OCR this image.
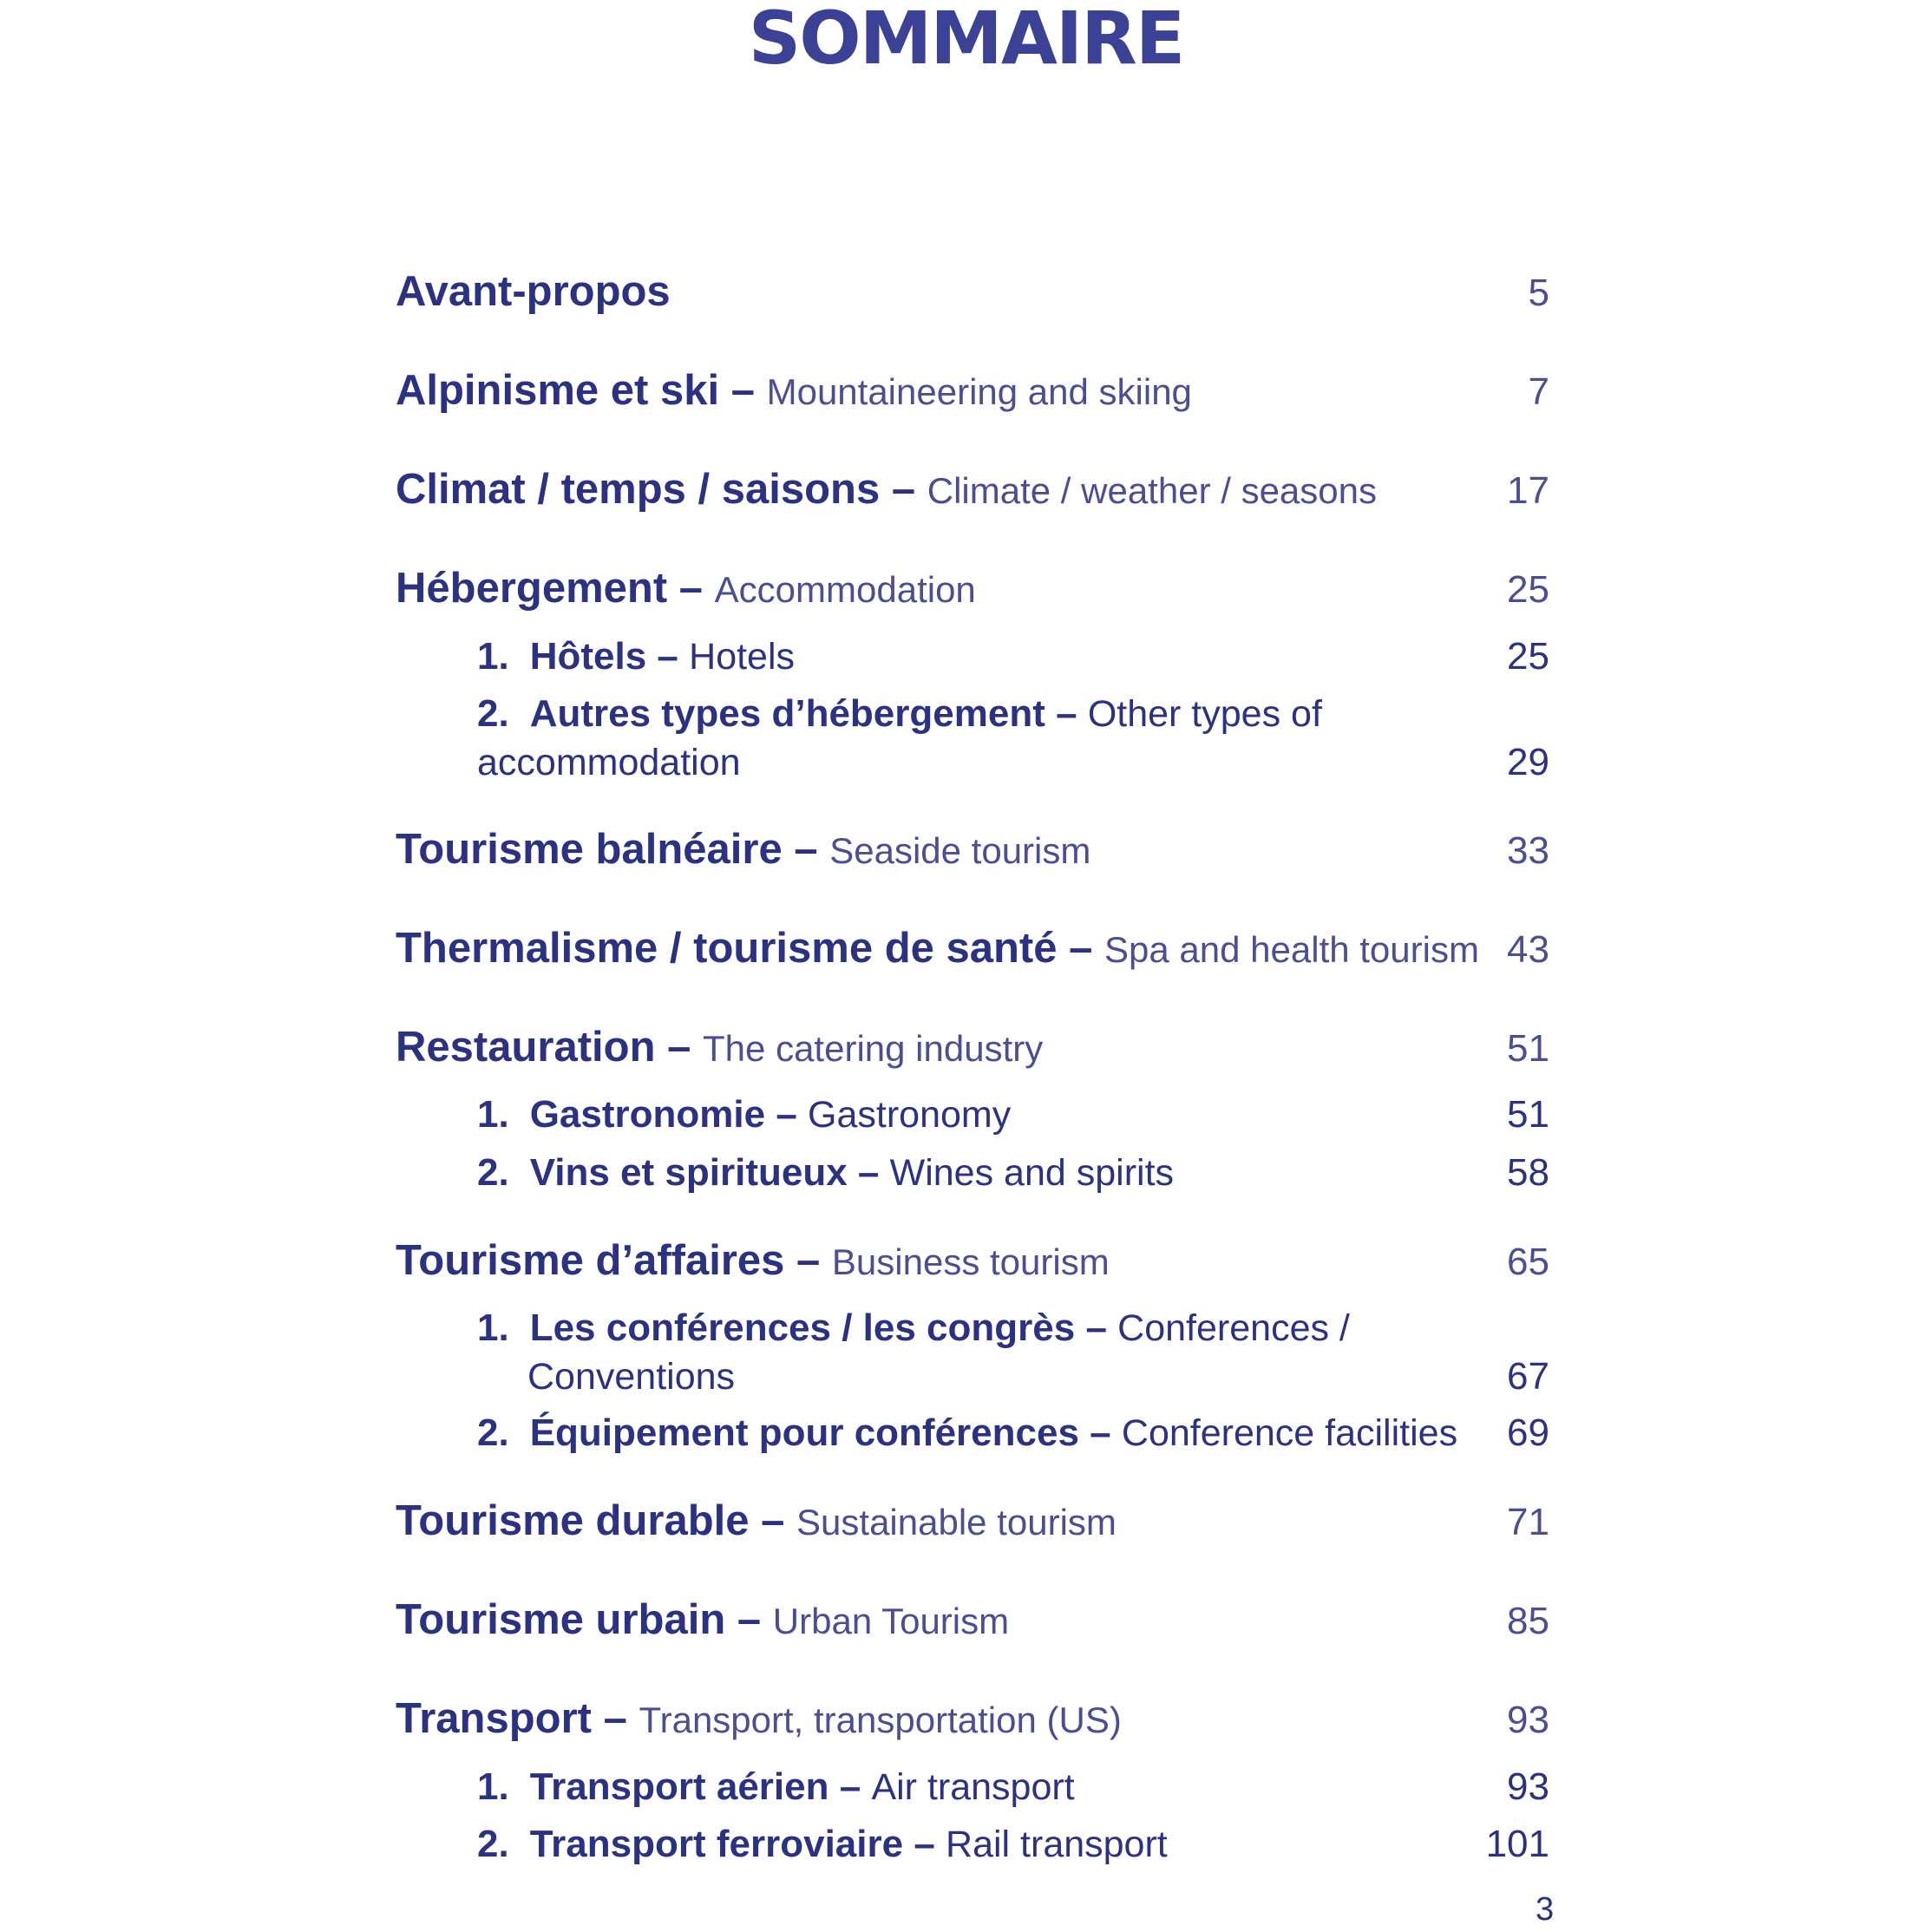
SOMMAIRE
Avant-propos	5
Alpinisme et ski – Mountaineering and skiing	7
Climat / temps / saisons – Climate / weather / seasons	17
Hébergement – Accommodation	25
1. Hôtels – Hotels	25
2. Autres types d’hébergement – Other types of
accommodation	29
Tourisme balnéaire – Seaside tourism	33
Thermalisme / tourisme de santé – Spa and health tourism 43
Restauration – The catering industry	51
1. Gastronomie – Gastronomy	51
2. Vins et spiritueux – Wines and spirits	58
Tourisme d’affaires – Business tourism	65
1. Les conférences / les congrès – Conferences /
Conventions	67
2. Équipement pour conférences – Conference facilities 69
Tourisme durable – Sustainable tourism	71
Tourisme urbain – Urban Tourism	85
Transport – Transport, transportation (US)	93
1. Transport aérien – Air transport	93
2. Transport ferroviaire – Rail transport	101
3
